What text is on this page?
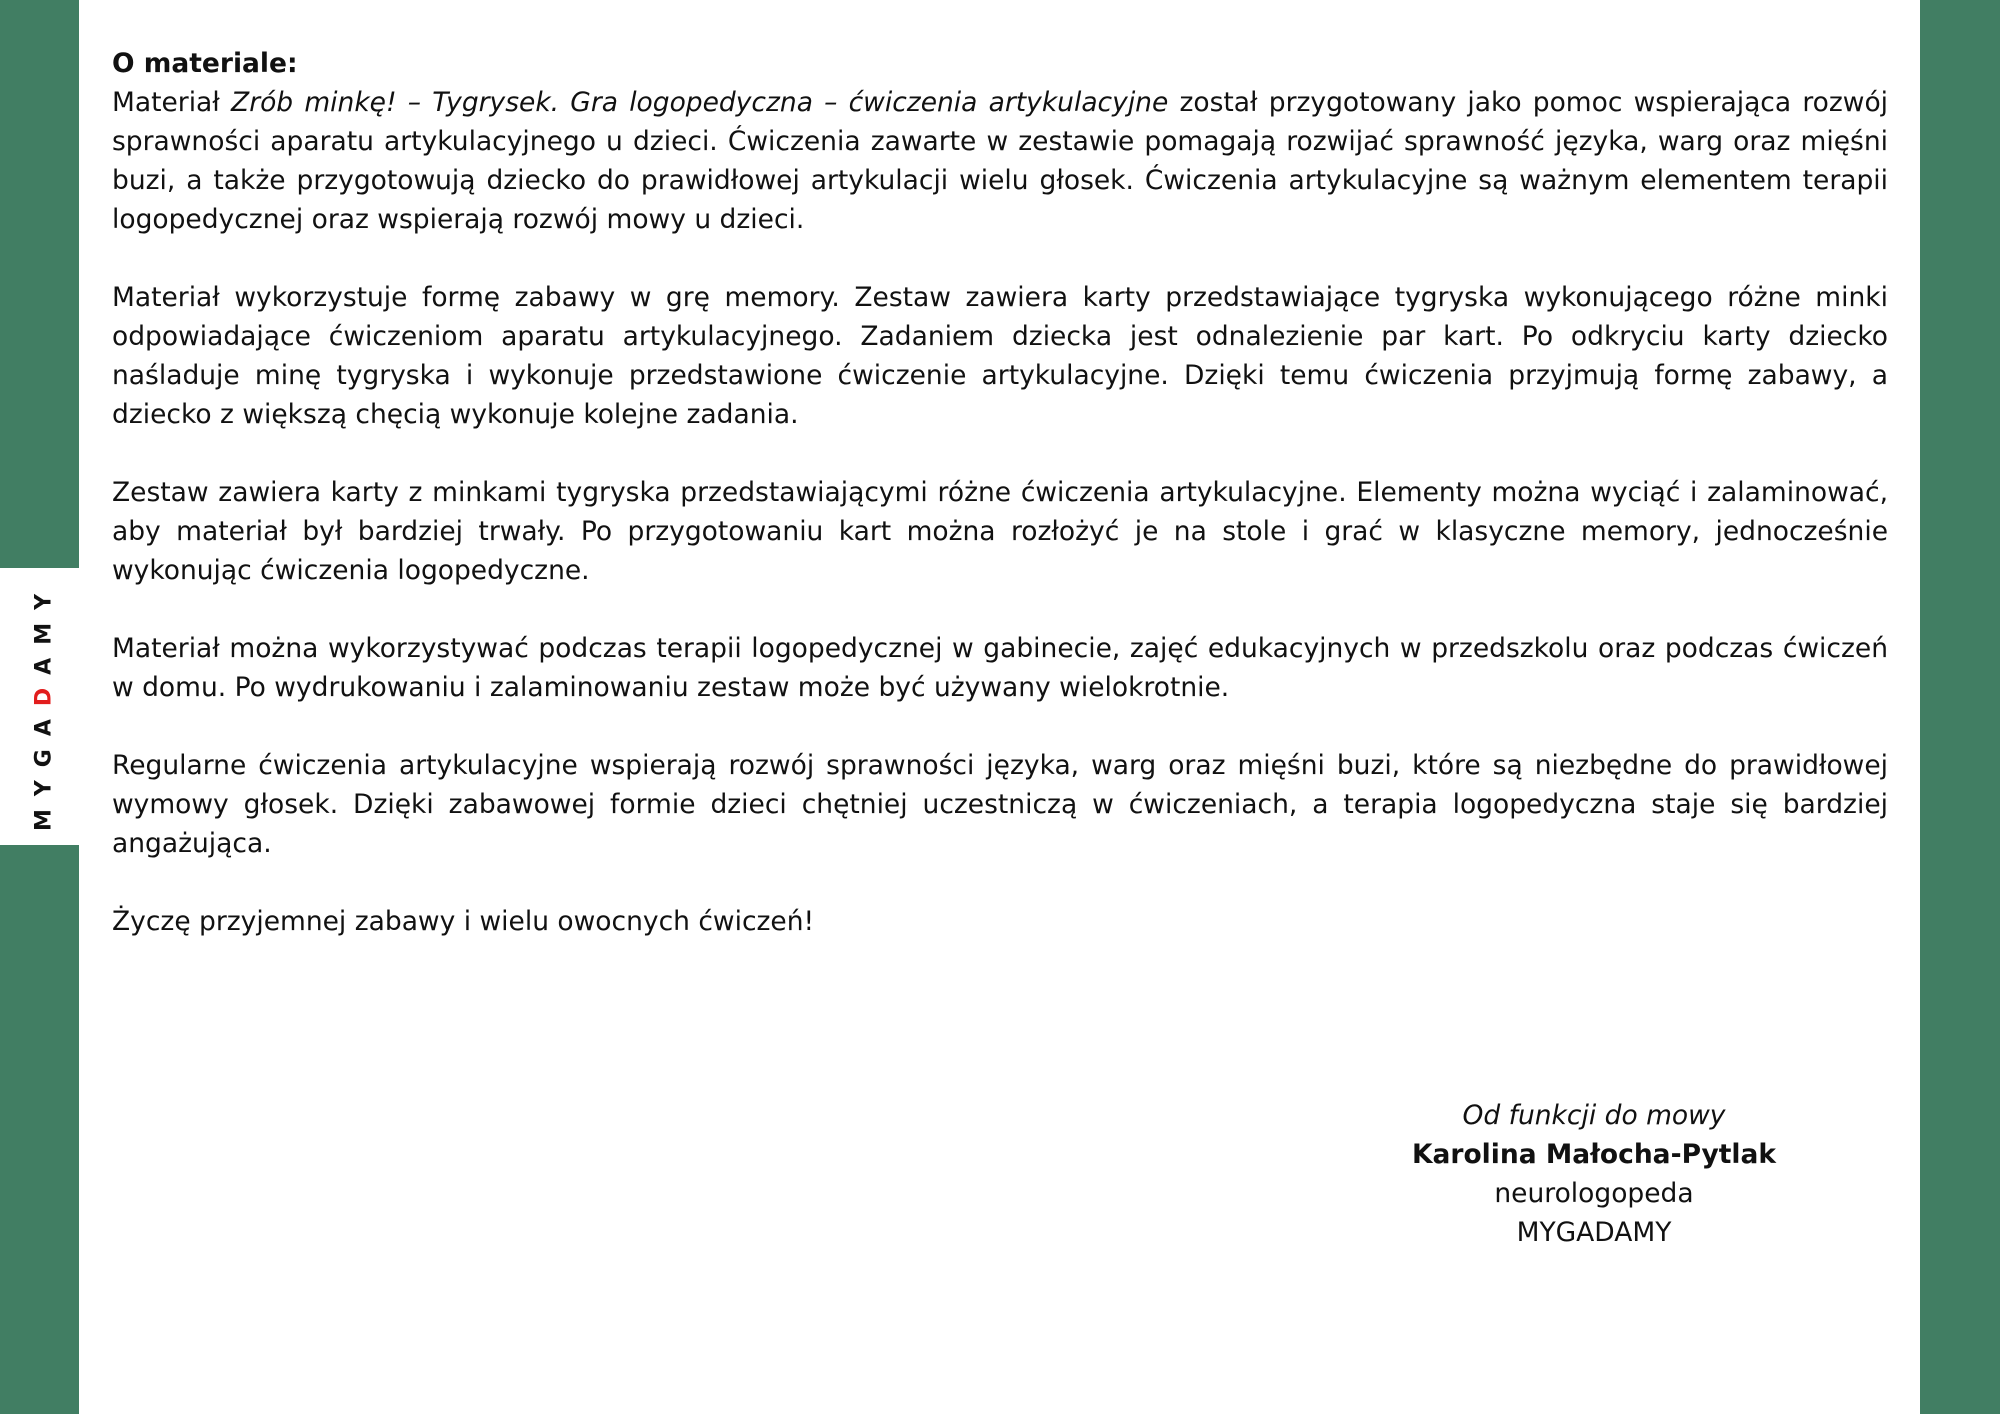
MYGADAMY

O materiale:

Materiał Zrób minkę! – Tygrysek. Gra logopedyczna – ćwiczenia artykulacyjne został przygotowany jako pomoc wspierająca rozwój sprawności aparatu artykulacyjnego u dzieci. Ćwiczenia zawarte w zestawie pomagają rozwijać sprawność języka, warg oraz mięśni buzi, a także przygotowują dziecko do prawidłowej artykulacji wielu głosek. Ćwiczenia artykulacyjne są ważnym elementem terapii logopedycznej oraz wspierają rozwój mowy u dzieci.

Materiał wykorzystuje formę zabawy w grę memory. Zestaw zawiera karty przedstawiające tygryska wykonującego różne minki odpowiadające ćwiczeniom aparatu artykulacyjnego. Zadaniem dziecka jest odnalezienie par kart. Po odkryciu karty dziecko naśladuje minę tygryska i wykonuje przedstawione ćwiczenie artykulacyjne. Dzięki temu ćwiczenia przyjmują formę zabawy, a dziecko z większą chęcią wykonuje kolejne zadania.

Zestaw zawiera karty z minkami tygryska przedstawiającymi różne ćwiczenia artykulacyjne. Elementy można wyciąć i zalaminować, aby materiał był bardziej trwały. Po przygotowaniu kart można rozłożyć je na stole i grać w klasyczne memory, jednocześnie wykonując ćwiczenia logopedyczne.

Materiał można wykorzystywać podczas terapii logopedycznej w gabinecie, zajęć edukacyjnych w przedszkolu oraz podczas ćwiczeń w domu. Po wydrukowaniu i zalaminowaniu zestaw może być używany wielokrotnie.

Regularne ćwiczenia artykulacyjne wspierają rozwój sprawności języka, warg oraz mięśni buzi, które są niezbędne do prawidłowej wymowy głosek. Dzięki zabawowej formie dzieci chętniej uczestniczą w ćwiczeniach, a terapia logopedyczna staje się bardziej angażująca.

Życzę przyjemnej zabawy i wielu owocnych ćwiczeń!

Od funkcji do mowy
Karolina Małocha-Pytlak
neurologopeda
MYGADAMY
